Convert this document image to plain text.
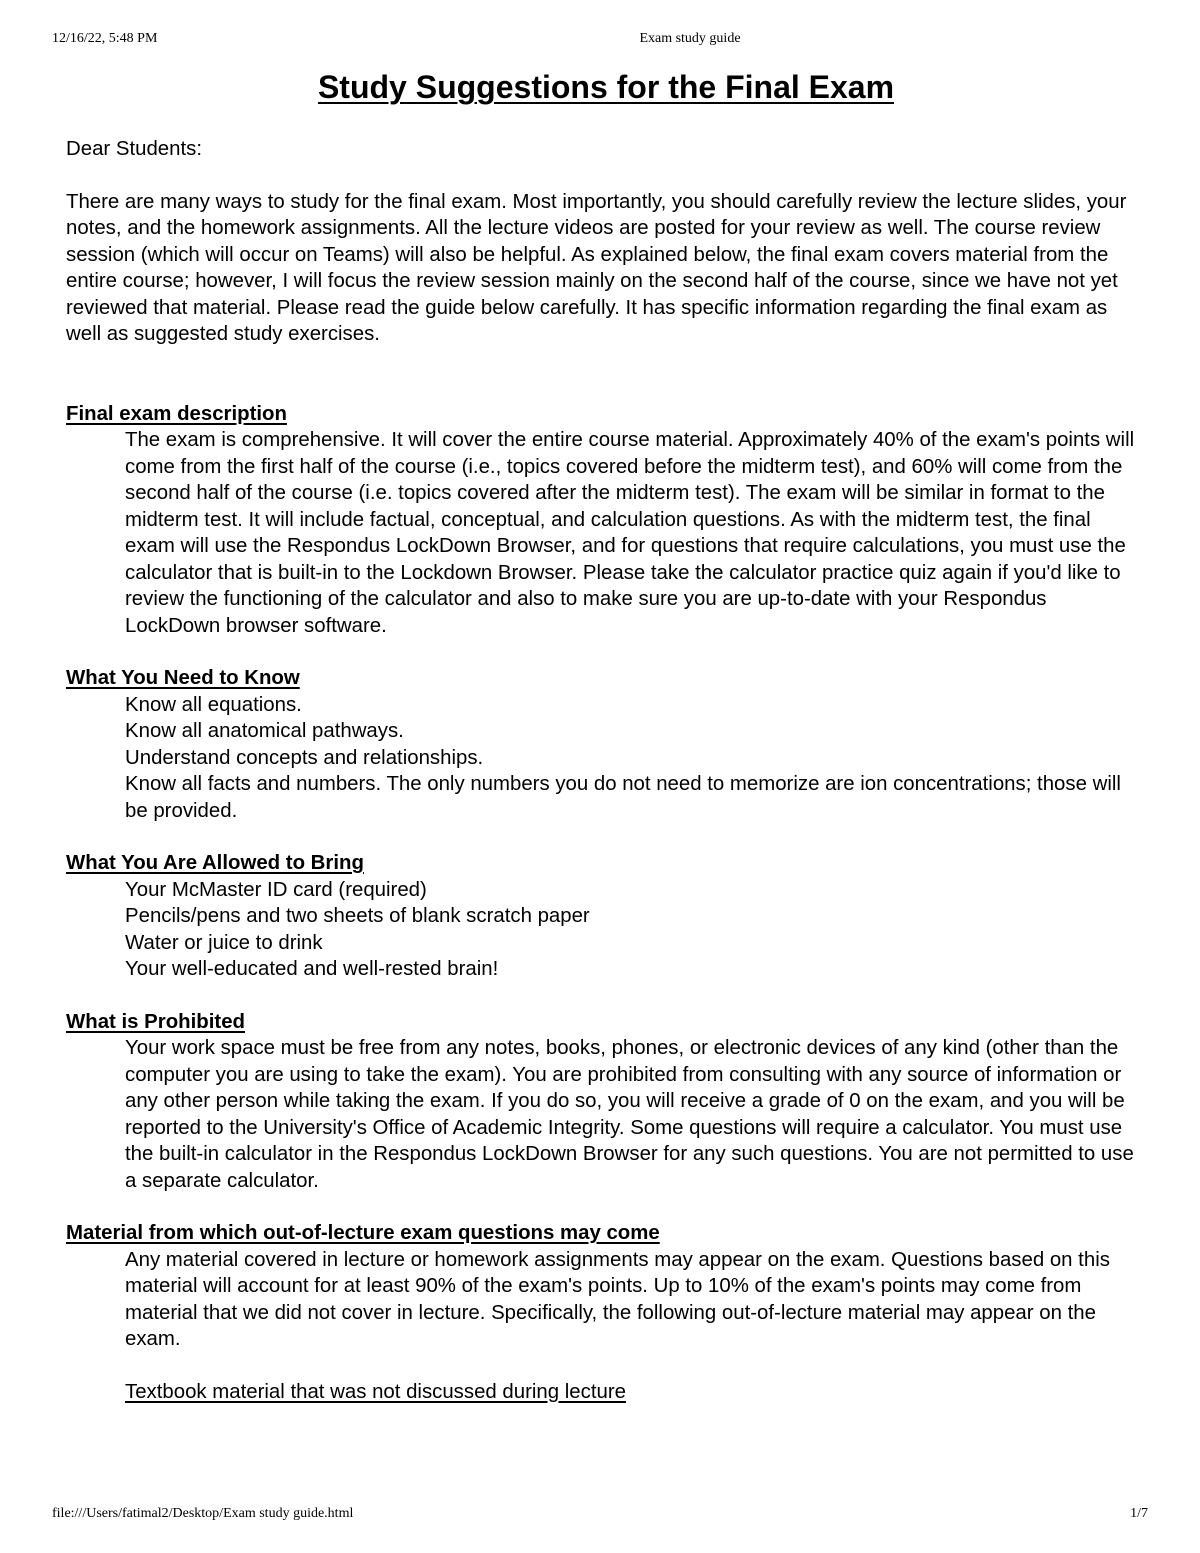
12/16/22, 5:48 PM	Exam study guide
Study Suggestions for the Final Exam

Dear Students:

There are many ways to study for the final exam. Most importantly, you should carefully review the lecture slides, your notes, and the homework assignments. All the lecture videos are posted for your review as well. The course review session (which will occur on Teams) will also be helpful. As explained below, the final exam covers material from the entire course; however, I will focus the review session mainly on the second half of the course, since we have not yet reviewed that material. Please read the guide below carefully. It has specific information regarding the final exam as well as suggested study exercises.

Final exam description

The exam is comprehensive. It will cover the entire course material. Approximately 40% of the exam's points will come from the first half of the course (i.e., topics covered before the midterm test), and 60% will come from the second half of the course (i.e. topics covered after the midterm test). The exam will be similar in format to the midterm test. It will include factual, conceptual, and calculation questions. As with the midterm test, the final exam will use the Respondus LockDown Browser, and for questions that require calculations, you must use the calculator that is built-in to the Lockdown Browser. Please take the calculator practice quiz again if you'd like to review the functioning of the calculator and also to make sure you are up-to-date with your Respondus LockDown browser software.

What You Need to Know

Know all equations.

Know all anatomical pathways.

Understand concepts and relationships.

Know all facts and numbers. The only numbers you do not need to memorize are ion concentrations; those will be provided.

What You Are Allowed to Bring

Your McMaster ID card (required)

Pencils/pens and two sheets of blank scratch paper

Water or juice to drink

Your well-educated and well-rested brain!

What is Prohibited

Your work space must be free from any notes, books, phones, or electronic devices of any kind (other than the computer you are using to take the exam). You are prohibited from consulting with any source of information or any other person while taking the exam. If you do so, you will receive a grade of 0 on the exam, and you will be reported to the University's Office of Academic Integrity. Some questions will require a calculator. You must use the built-in calculator in the Respondus LockDown Browser for any such questions. You are not permitted to use a separate calculator.

Material from which out-of-lecture exam questions may come

Any material covered in lecture or homework assignments may appear on the exam. Questions based on this material will account for at least 90% of the exam's points. Up to 10% of the exam's points may come from material that we did not cover in lecture. Specifically, the following out-of-lecture material may appear on the exam.

Textbook material that was not discussed during lecture

file:///Users/fatimal2/Desktop/Exam study guide.html	1/7
